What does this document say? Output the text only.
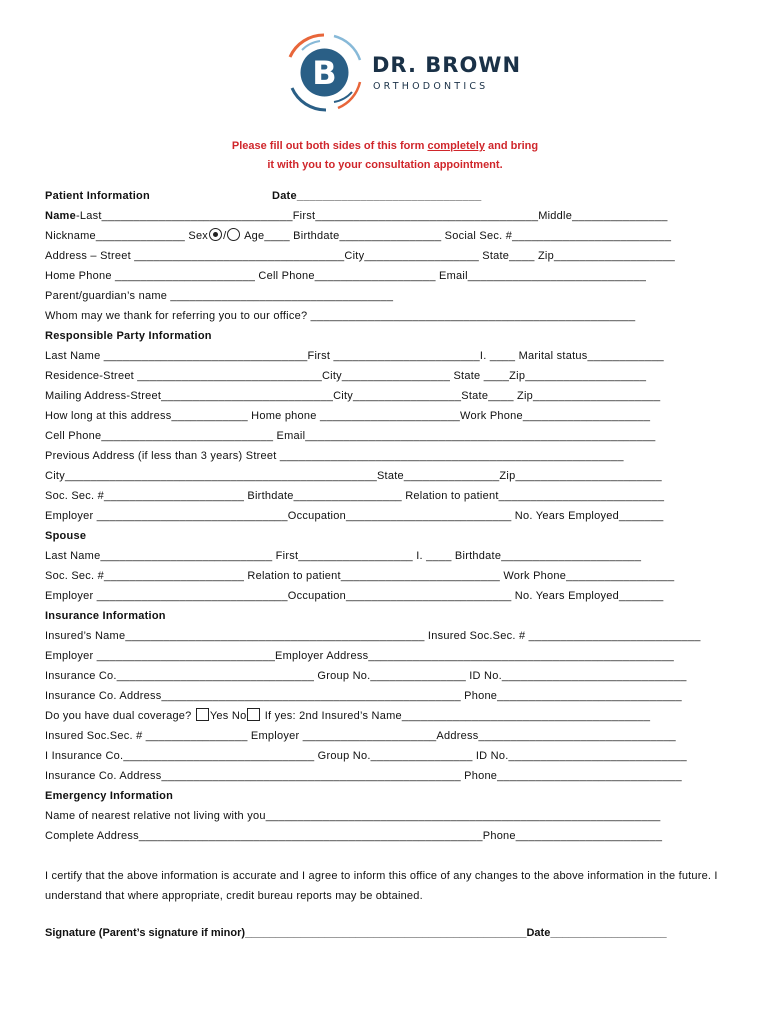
B DR. BROWN
ORTHODONTICS
Please fill out both sides of this form completely and bring
it with you to your consultation appointment.
Patient Information	Date_____________________________
Name-Last______________________________First___________________________________Middle_______________
Nickname______________ Sex / Age____ Birthdate________________ Social Sec. #_________________________
Address – Street _________________________________City__________________ State____ Zip___________________
Home Phone ______________________ Cell Phone___________________ Email____________________________
Parent/guardian’s name ___________________________________
Whom may we thank for referring you to our office? ___________________________________________________
Responsible Party Information
Last Name ________________________________First _______________________I. ____ Marital status____________
Residence-Street _____________________________City_________________ State ____Zip___________________
Mailing Address-Street___________________________City_________________State____ Zip____________________
How long at this address____________ Home phone ______________________Work Phone____________________
Cell Phone___________________________ Email_______________________________________________________
Previous Address (if less than 3 years) Street ______________________________________________________
City_________________________________________________State_______________Zip_______________________
Soc. Sec. #______________________ Birthdate_________________ Relation to patient__________________________
Employer ______________________________Occupation__________________________ No. Years Employed_______
Spouse
Last Name___________________________ First__________________ I. ____ Birthdate______________________
Soc. Sec. #______________________ Relation to patient_________________________ Work Phone_________________
Employer ______________________________Occupation__________________________ No. Years Employed_______
Insurance Information
Insured’s Name_______________________________________________ Insured Soc.Sec. # ___________________________
Employer ____________________________Employer Address________________________________________________
Insurance Co._______________________________ Group No._______________ ID No._____________________________
Insurance Co. Address_______________________________________________ Phone_____________________________
Do you have dual coverage? Yes No If yes: 2nd Insured’s Name_______________________________________
Insured Soc.Sec. # ________________ Employer _____________________Address_______________________________
I Insurance Co.______________________________ Group No.________________ ID No.____________________________
Insurance Co. Address_______________________________________________ Phone_____________________________
Emergency Information
Name of nearest relative not living with you______________________________________________________________
Complete Address______________________________________________________Phone_______________________
I certify that the above information is accurate and I agree to inform this office of any changes to the above information in the future. I understand that where appropriate, credit bureau reports may be obtained.
Signature (Parent’s signature if minor)______________________________________________Date___________________
